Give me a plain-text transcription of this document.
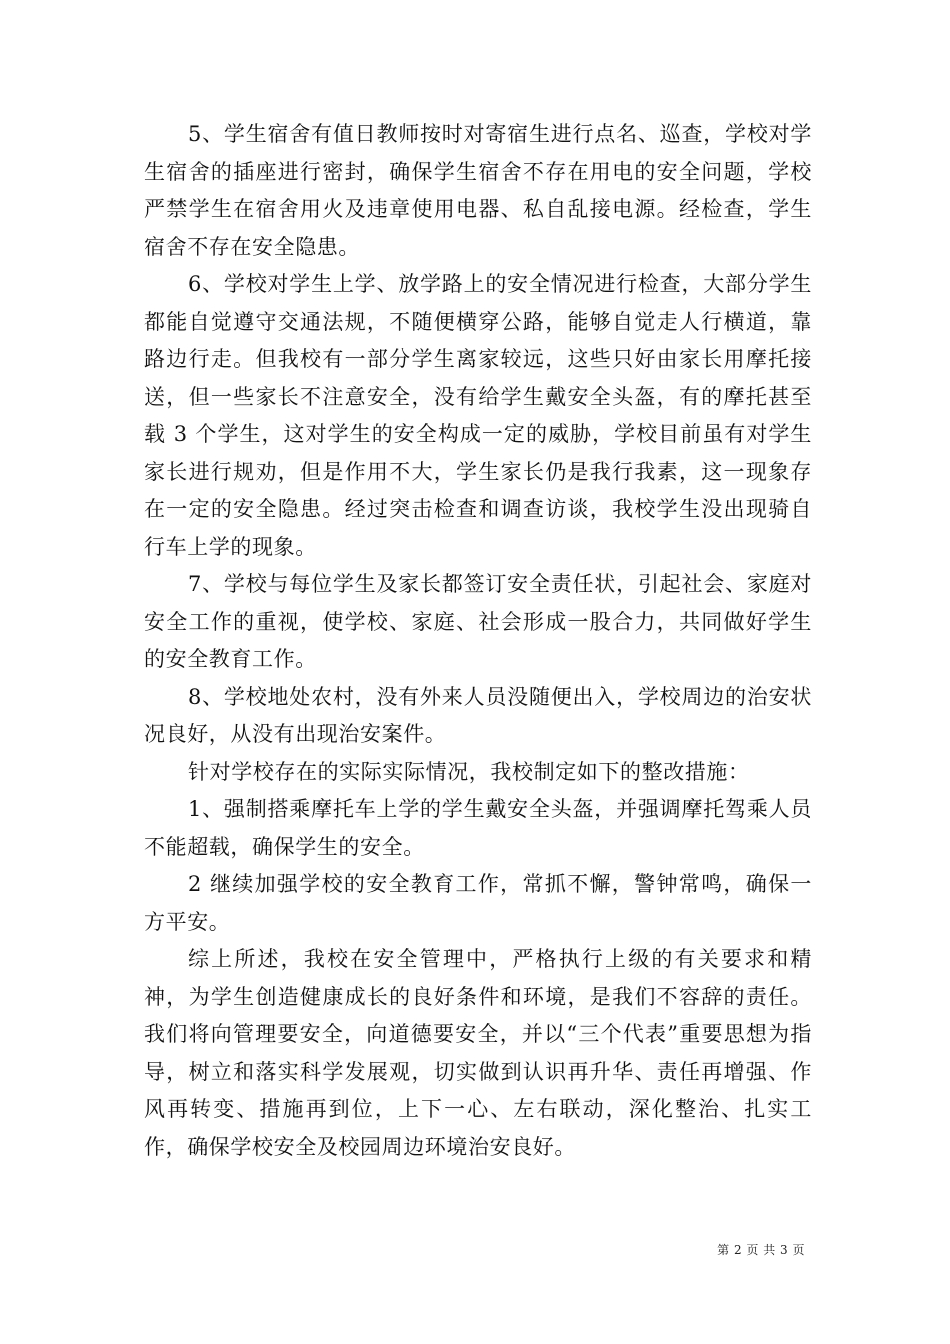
5、学生宿舍有值日教师按时对寄宿生进行点名、巡查，学校对学生宿舍的插座进行密封，确保学生宿舍不存在用电的安全问题，学校严禁学生在宿舍用火及违章使用电器、私自乱接电源。经检查，学生宿舍不存在安全隐患。

6、学校对学生上学、放学路上的安全情况进行检查，大部分学生都能自觉遵守交通法规，不随便横穿公路，能够自觉走人行横道，靠路边行走。但我校有一部分学生离家较远，这些只好由家长用摩托接送，但一些家长不注意安全，没有给学生戴安全头盔，有的摩托甚至载 3 个学生，这对学生的安全构成一定的威胁，学校目前虽有对学生家长进行规劝，但是作用不大，学生家长仍是我行我素，这一现象存在一定的安全隐患。经过突击检查和调查访谈，我校学生没出现骑自行车上学的现象。

7、学校与每位学生及家长都签订安全责任状，引起社会、家庭对安全工作的重视，使学校、家庭、社会形成一股合力，共同做好学生的安全教育工作。

8、学校地处农村，没有外来人员没随便出入，学校周边的治安状况良好，从没有出现治安案件。

针对学校存在的实际实际情况，我校制定如下的整改措施：

1、强制搭乘摩托车上学的学生戴安全头盔，并强调摩托驾乘人员不能超载，确保学生的安全。

2 继续加强学校的安全教育工作，常抓不懈，警钟常鸣，确保一方平安。

综上所述，我校在安全管理中，严格执行上级的有关要求和精神，为学生创造健康成长的良好条件和环境，是我们不容辞的责任。我们将向管理要安全，向道德要安全，并以“三个代表”重要思想为指导，树立和落实科学发展观，切实做到认识再升华、责任再增强、作风再转变、措施再到位，上下一心、左右联动，深化整治、扎实工作，确保学校安全及校园周边环境治安良好。

第 2 页 共 3 页
